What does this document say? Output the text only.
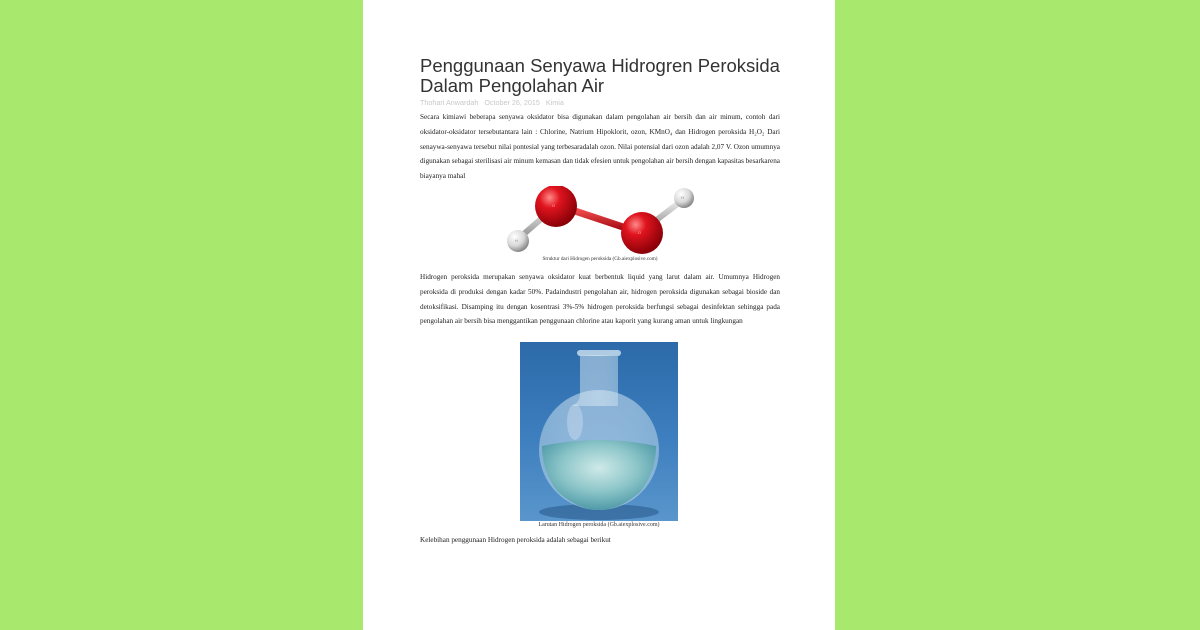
Penggunaan Senyawa Hidrogren Peroksida Dalam Pengolahan Air
Thohari Anwardah October 26, 2015 Kimia

Secara kimiawi beberapa senyawa oksidator bisa digunakan dalam pengolahan air bersih dan air minum, contoh dari oksidator-oksidator tersebutantara lain : Chlorine, Natrium Hipoklorit, ozon, KMnO₄ dan Hidrogen peroksida H₂O₂ Dari senaywa-senyawa tersebut nilai pontesial yang terbesaradalah ozon. Nilai potensial dari ozon adalah 2,07 V. Ozon umumnya digunakan sebagai sterilisasi air minum kemasan dan tidak efesien untuk pengolahan air bersih dengan kapasitas besarkarena biayanya mahal

O
O
H
H
Struktur dari Hidrogen peroksida (Gb.aiexplosive.com)

Hidrogen peroksida merupakan senyawa oksidator kuat berbentuk liquid yang larut dalam air. Umumnya Hidrogen peroksida di produksi dengan kadar 50%. Padaindustri pengolahan air, hidrogen peroksida digunakan sebagai bioside dan detoksifikasi. Disamping itu dengan kosentrasi 3%-5% hidrogen peroksida berfungsi sebagai desinfektan sehingga pada pengolahan air bersih bisa menggantikan penggunaan chlorine atau kaporit yang kurang aman untuk lingkungan

Larutan Hidrogen peroksida (Gb.aiexplosive.com)
Kelebihan penggunaan Hidrogen peroksida adalah sebagai berikut
